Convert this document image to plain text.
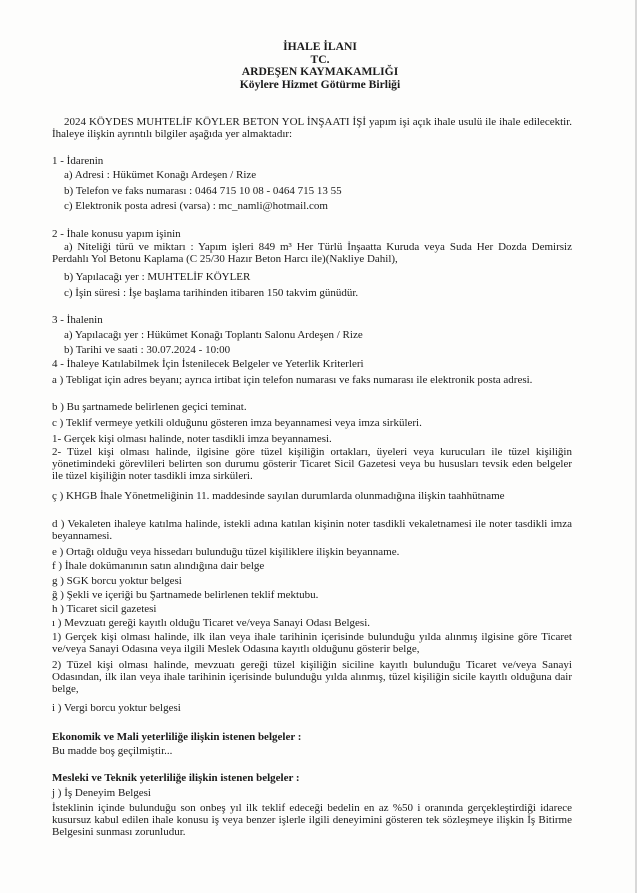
İHALE İLANI
TC.
ARDEŞEN KAYMAKAMLIĞI
Köylere Hizmet Götürme Birliği
2024 KÖYDES MUHTELİF KÖYLER BETON YOL İNŞAATI İŞİ yapım işi açık ihale usulü ile ihale edilecektir. İhaleye ilişkin ayrıntılı bilgiler aşağıda yer almaktadır:
1 - İdarenin
a) Adresi : Hükümet Konağı Ardeşen / Rize
b) Telefon ve faks numarası : 0464 715 10 08 - 0464 715 13 55
c) Elektronik posta adresi (varsa) : mc_namli@hotmail.com
2 - İhale konusu yapım işinin
a) Niteliği türü ve miktarı : Yapım işleri 849 m³ Her Türlü İnşaatta Kuruda veya Suda Her Dozda Demirsiz Perdahlı Yol Betonu Kaplama (C 25/30 Hazır Beton Harcı ile)(Nakliye Dahil),
b) Yapılacağı yer : MUHTELİF KÖYLER
c) İşin süresi : İşe başlama tarihinden itibaren 150 takvim günüdür.
3 - İhalenin
a) Yapılacağı yer : Hükümet Konağı Toplantı Salonu Ardeşen / Rize
b) Tarihi ve saati : 30.07.2024 - 10:00
4 - İhaleye Katılabilmek İçin İstenilecek Belgeler ve Yeterlik Kriterleri
a ) Tebligat için adres beyanı; ayrıca irtibat için telefon numarası ve faks numarası ile elektronik posta adresi.
b ) Bu şartnamede belirlenen geçici teminat.
c ) Teklif vermeye yetkili olduğunu gösteren imza beyannamesi veya imza sirküleri.
1- Gerçek kişi olması halinde, noter tasdikli imza beyannamesi.
2- Tüzel kişi olması halinde, ilgisine göre tüzel kişiliğin ortakları, üyeleri veya kurucuları ile tüzel kişiliğin yönetimindeki görevlileri belirten son durumu gösterir Ticaret Sicil Gazetesi veya bu hususları tevsik eden belgeler ile tüzel kişiliğin noter tasdikli imza sirküleri.
ç ) KHGB İhale Yönetmeliğinin 11. maddesinde sayılan durumlarda olunmadığına ilişkin taahhütname
d ) Vekaleten ihaleye katılma halinde, istekli adına katılan kişinin noter tasdikli vekaletnamesi ile noter tasdikli imza beyannamesi.
e ) Ortağı olduğu veya hissedarı bulunduğu tüzel kişiliklere ilişkin beyanname.
f ) İhale dokümanının satın alındığına dair belge
g ) SGK borcu yoktur belgesi
ğ ) Şekli ve içeriği bu Şartnamede belirlenen teklif mektubu.
h ) Ticaret sicil gazetesi
ı ) Mevzuatı gereği kayıtlı olduğu Ticaret ve/veya Sanayi Odası Belgesi.
1) Gerçek kişi olması halinde, ilk ilan veya ihale tarihinin içerisinde bulunduğu yılda alınmış ilgisine göre Ticaret ve/veya Sanayi Odasına veya ilgili Meslek Odasına kayıtlı olduğunu gösterir belge,
2) Tüzel kişi olması halinde, mevzuatı gereği tüzel kişiliğin siciline kayıtlı bulunduğu Ticaret ve/veya Sanayi Odasından, ilk ilan veya ihale tarihinin içerisinde bulunduğu yılda alınmış, tüzel kişiliğin sicile kayıtlı olduğuna dair belge,
i ) Vergi borcu yoktur belgesi
Ekonomik ve Mali yeterliliğe ilişkin istenen belgeler :
Bu madde boş geçilmiştir...
Mesleki ve Teknik yeterliliğe ilişkin istenen belgeler :
j ) İş Deneyim Belgesi
İsteklinin içinde bulunduğu son onbeş yıl ilk teklif edeceği bedelin en az %50 i oranında gerçekleştirdiği idarece kusursuz kabul edilen ihale konusu iş veya benzer işlerle ilgili deneyimini gösteren tek sözleşmeye ilişkin İş Bitirme Belgesini sunması zorunludur.
